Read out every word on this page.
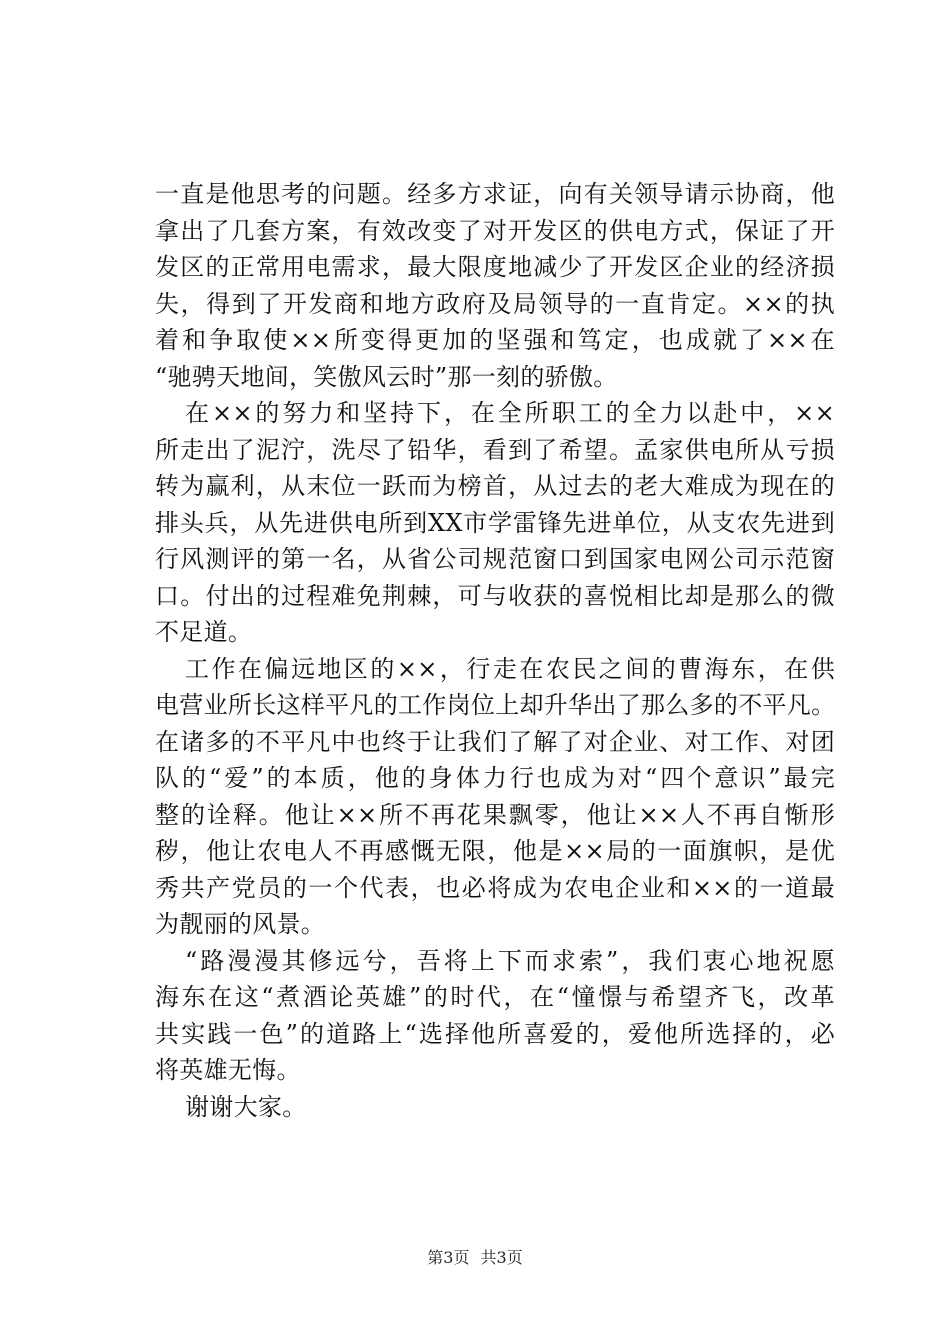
一直是他思考的问题。经多方求证，向有关领导请示协商，他
拿出了几套方案，有效改变了对开发区的供电方式，保证了开
发区的正常用电需求，最大限度地减少了开发区企业的经济损
失，得到了开发商和地方政府及局领导的一直肯定。××的执
着和争取使××所变得更加的坚强和笃定，也成就了××在
“驰骋天地间，笑傲风云时”那一刻的骄傲。
在××的努力和坚持下，在全所职工的全力以赴中，××
所走出了泥泞，洗尽了铅华，看到了希望。孟家供电所从亏损
转为赢利，从末位一跃而为榜首，从过去的老大难成为现在的
排头兵，从先进供电所到XX市学雷锋先进单位，从支农先进到
行风测评的第一名，从省公司规范窗口到国家电网公司示范窗
口。付出的过程难免荆棘，可与收获的喜悦相比却是那么的微
不足道。
工作在偏远地区的××，行走在农民之间的曹海东，在供
电营业所长这样平凡的工作岗位上却升华出了那么多的不平凡。
在诸多的不平凡中也终于让我们了解了对企业、对工作、对团
队的“爱”的本质，他的身体力行也成为对“四个意识”最完
整的诠释。他让××所不再花果飘零，他让××人不再自惭形
秽，他让农电人不再感慨无限，他是××局的一面旗帜，是优
秀共产党员的一个代表，也必将成为农电企业和××的一道最
为靓丽的风景。
“路漫漫其修远兮，吾将上下而求索”，我们衷心地祝愿
海东在这“煮酒论英雄”的时代，在“憧憬与希望齐飞，改革
共实践一色”的道路上“选择他所喜爱的，爱他所选择的，必
将英雄无悔。
谢谢大家。
第3页 共3页
